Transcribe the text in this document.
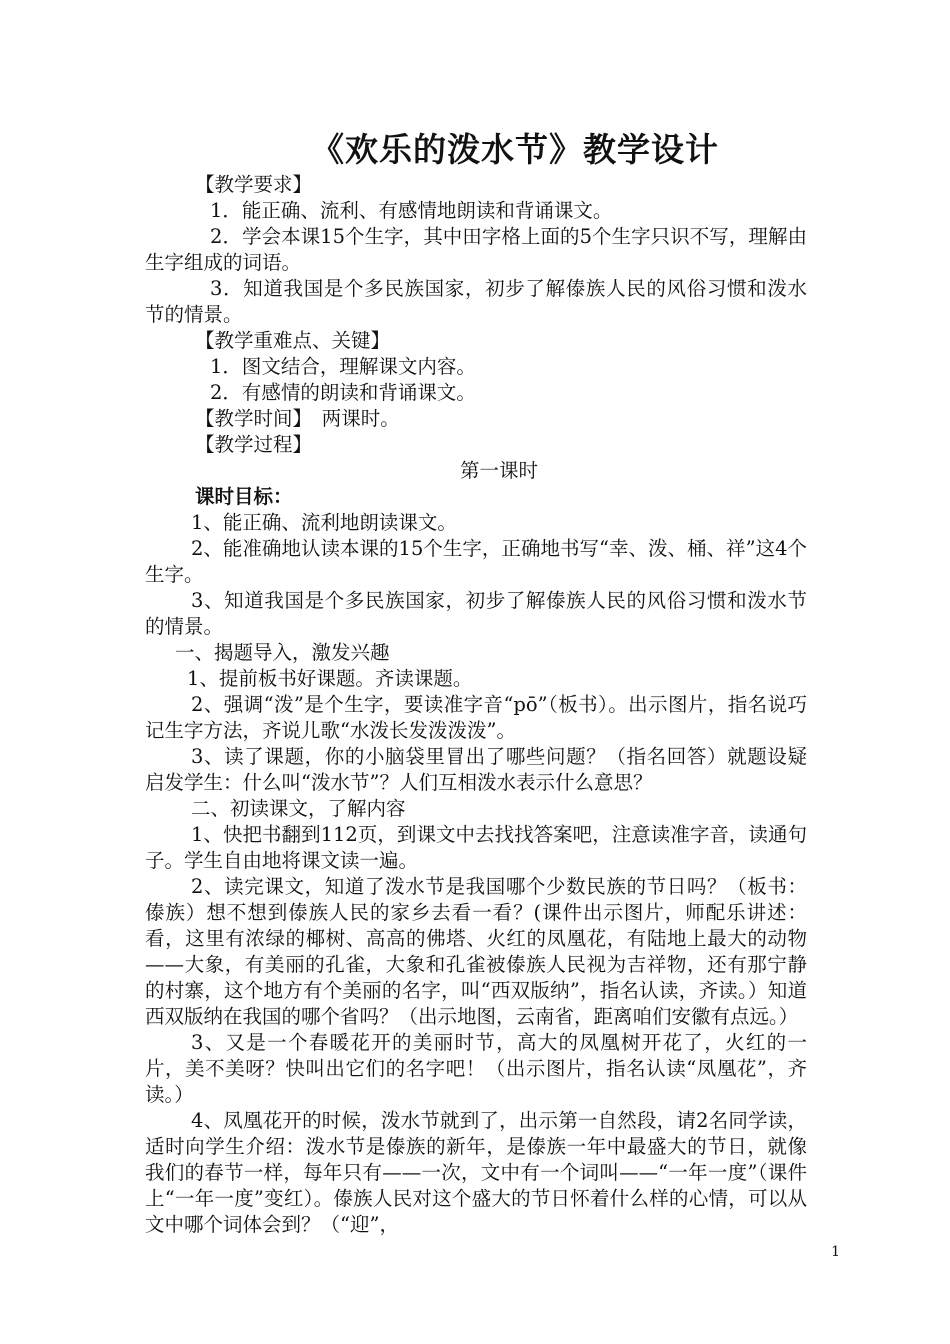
《欢乐的泼水节》教学设计

【教学要求】

1．能正确、流利、有感情地朗读和背诵课文。

2．学会本课15个生字，其中田字格上面的5个生字只识不写，理解由生字组成的词语。

3．知道我国是个多民族国家，初步了解傣族人民的风俗习惯和泼水节的情景。

【教学重难点、关键】

1．图文结合，理解课文内容。

2．有感情的朗读和背诵课文。

【教学时间】　两课时。

【教学过程】

第一课时

课时目标：

1、能正确、流利地朗读课文。

2、能准确地认读本课的15个生字，正确地书写“幸、泼、桶、祥”这4个生字。

3、知道我国是个多民族国家，初步了解傣族人民的风俗习惯和泼水节的情景。

一、揭题导入，激发兴趣

1、提前板书好课题。齐读课题。

2、强调“泼”是个生字，要读准字音“pō”（板书）。出示图片，指名说巧记生字方法，齐说儿歌“水泼长发泼泼泼”。

3、读了课题，你的小脑袋里冒出了哪些问题？（指名回答）就题设疑启发学生：什么叫“泼水节”？人们互相泼水表示什么意思？

二、初读课文，了解内容

1、快把书翻到112页，到课文中去找找答案吧，注意读准字音，读通句子。学生自由地将课文读一遍。

2、读完课文，知道了泼水节是我国哪个少数民族的节日吗？（板书：傣族）想不想到傣族人民的家乡去看一看？(课件出示图片，师配乐讲述：看，这里有浓绿的椰树、高高的佛塔、火红的凤凰花，有陆地上最大的动物——大象，有美丽的孔雀，大象和孔雀被傣族人民视为吉祥物，还有那宁静的村寨，这个地方有个美丽的名字，叫“西双版纳”，指名认读，齐读。）知道西双版纳在我国的哪个省吗？（出示地图，云南省，距离咱们安徽有点远。）

3、又是一个春暖花开的美丽时节，高大的凤凰树开花了，火红的一片，美不美呀？快叫出它们的名字吧！（出示图片，指名认读“凤凰花”，齐读。）

4、凤凰花开的时候，泼水节就到了，出示第一自然段，请2名同学读，适时向学生介绍：泼水节是傣族的新年，是傣族一年中最盛大的节日，就像我们的春节一样，每年只有——一次，文中有一个词叫——“一年一度”（课件上“一年一度”变红）。傣族人民对这个盛大的节日怀着什么样的心情，可以从文中哪个词体会到？（“迎”，

1
